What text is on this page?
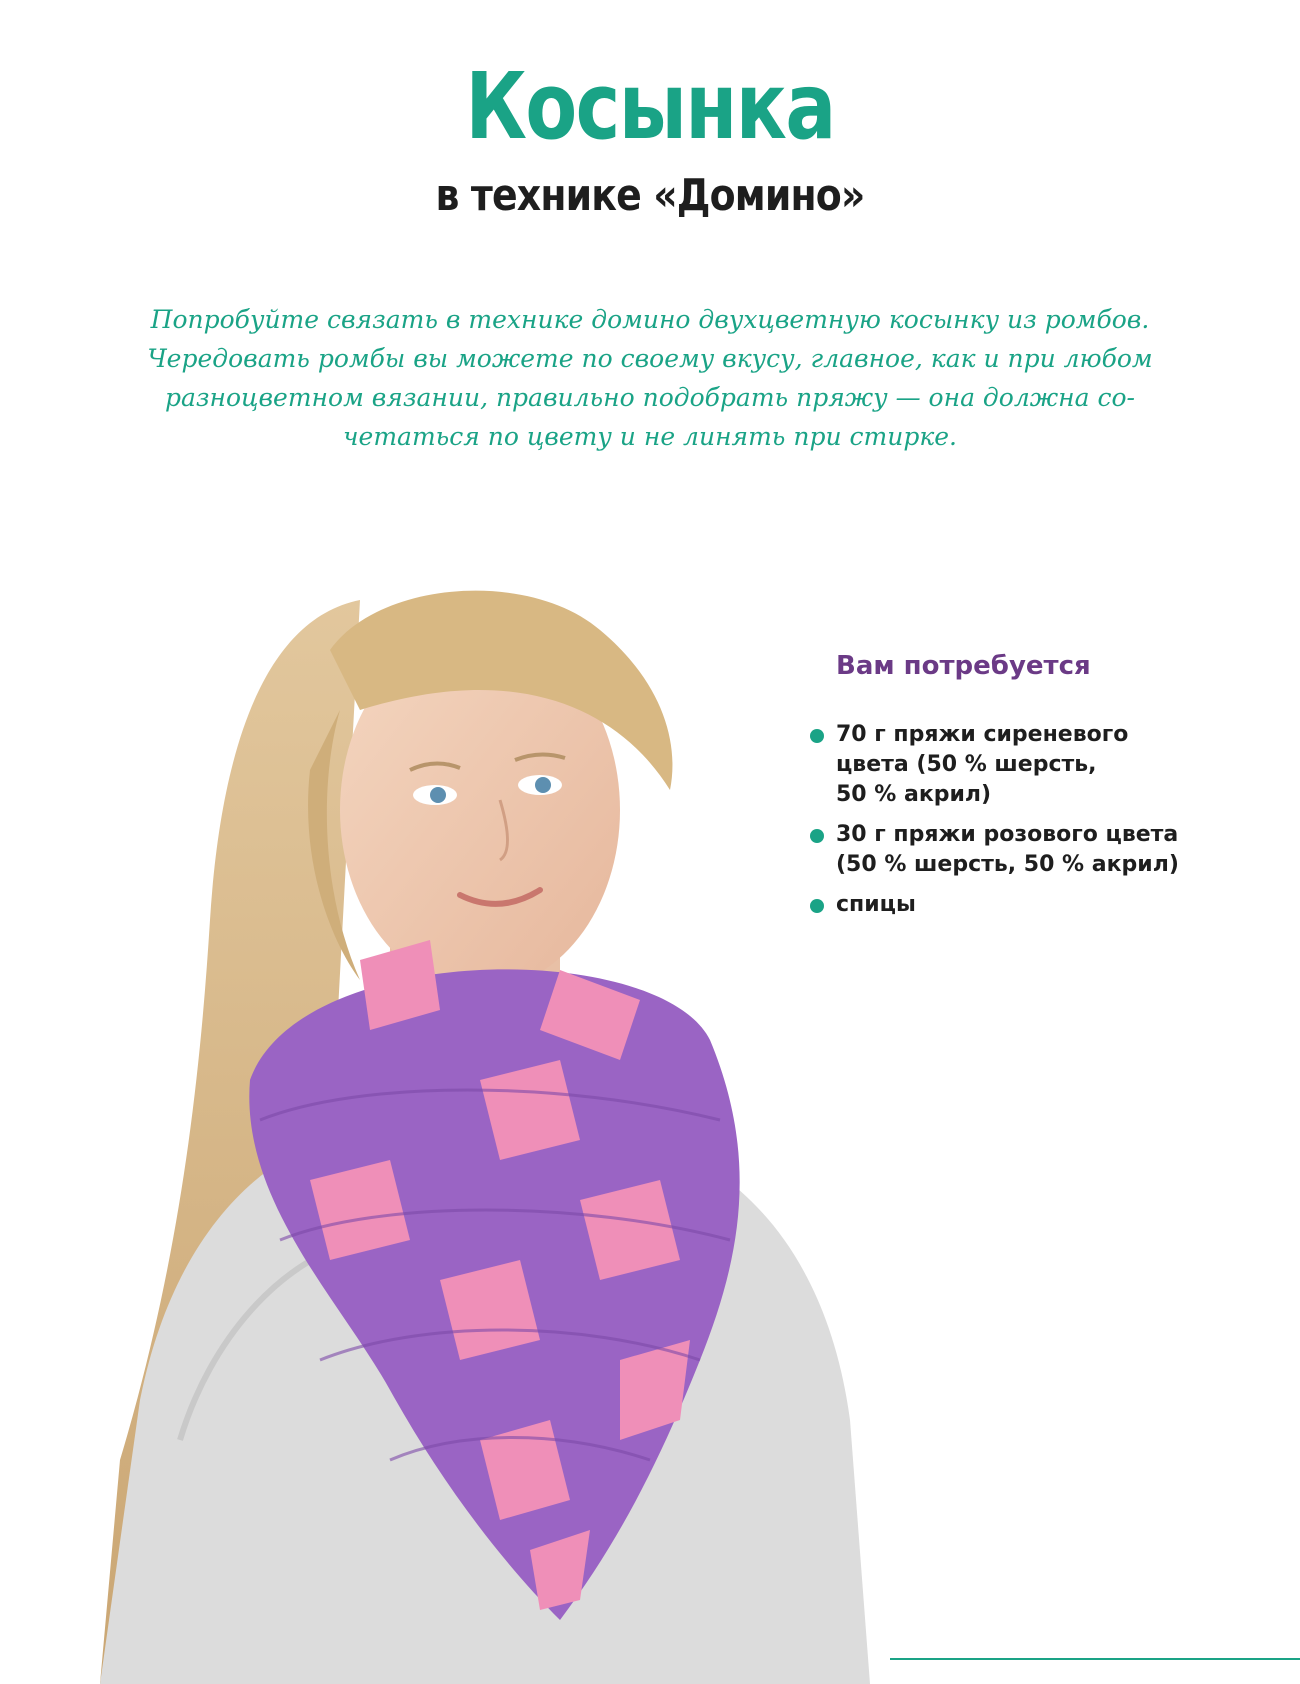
Косынка
в технике «Домино»
Попробуйте связать в технике домино двухцветную косынку из ромбов.
Чередовать ромбы вы можете по своему вкусу, главное, как и при любом
разноцветном вязании, правильно подобрать пряжу — она должна со-
четаться по цвету и не линять при стирке.
Вам потребуется
70 г пряжи сиреневого
цвета (50 % шерсть,
50 % акрил)
30 г пряжи розового цвета
(50 % шерсть, 50 % акрил)
спицы
